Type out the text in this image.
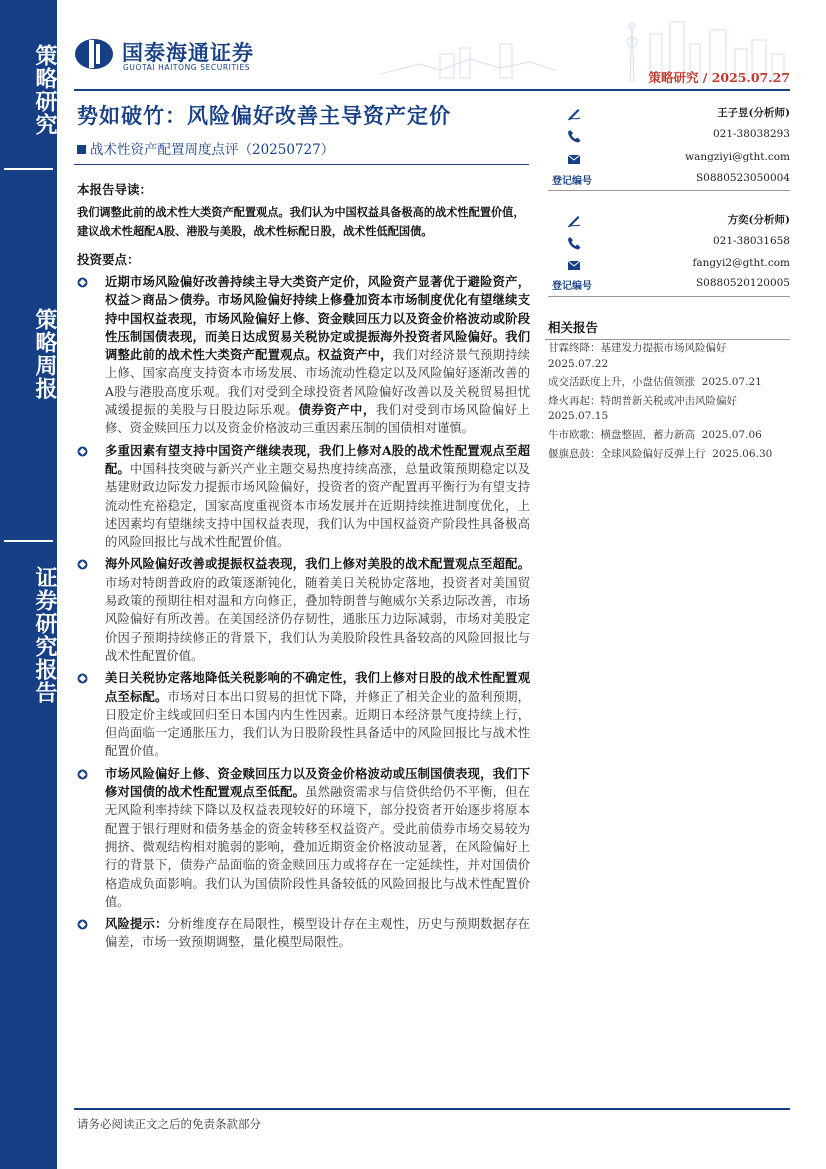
策略研究
策略周报
证券研究报告
国泰海通证券
GUOTAI HAITONG SECURITIES
策略研究 / 2025.07.27
势如破竹：风险偏好改善主导资产定价
战术性资产配置周度点评（20250727）
本报告导读：
我们调整此前的战术性大类资产配置观点。我们认为中国权益具备极高的战术性配置价值，建议战术性超配A股、港股与美股，战术性标配日股，战术性低配国债。
投资要点：
近期市场风险偏好改善持续主导大类资产定价，风险资产显著优于避险资产，权益＞商品＞债券。市场风险偏好持续上修叠加资本市场制度优化有望继续支持中国权益表现，市场风险偏好上修、资金赎回压力以及资金价格波动或阶段性压制国债表现，而美日达成贸易关税协定或提振海外投资者风险偏好。我们调整此前的战术性大类资产配置观点。权益资产中，我们对经济景气预期持续上修、国家高度支持资本市场发展、市场流动性稳定以及风险偏好逐渐改善的A股与港股高度乐观。我们对受到全球投资者风险偏好改善以及关税贸易担忧减缓提振的美股与日股边际乐观。债券资产中，我们对受到市场风险偏好上修、资金赎回压力以及资金价格波动三重因素压制的国债相对谨慎。
多重因素有望支持中国资产继续表现，我们上修对A股的战术性配置观点至超配。中国科技突破与新兴产业主题交易热度持续高涨，总量政策预期稳定以及基建财政边际发力提振市场风险偏好，投资者的资产配置再平衡行为有望支持流动性充裕稳定，国家高度重视资本市场发展并在近期持续推进制度优化，上述因素均有望继续支持中国权益表现，我们认为中国权益资产阶段性具备极高的风险回报比与战术性配置价值。
海外风险偏好改善或提振权益表现，我们上修对美股的战术配置观点至超配。市场对特朗普政府的政策逐渐钝化，随着美日关税协定落地，投资者对美国贸易政策的预期往相对温和方向修正，叠加特朗普与鲍威尔关系边际改善，市场风险偏好有所改善。在美国经济仍存韧性，通胀压力边际减弱，市场对美股定价因子预期持续修正的背景下，我们认为美股阶段性具备较高的风险回报比与战术性配置价值。
美日关税协定落地降低关税影响的不确定性，我们上修对日股的战术性配置观点至标配。市场对日本出口贸易的担忧下降，并修正了相关企业的盈利预期，日股定价主线或回归至日本国内内生性因素。近期日本经济景气度持续上行，但尚面临一定通胀压力，我们认为日股阶段性具备适中的风险回报比与战术性配置价值。
市场风险偏好上修、资金赎回压力以及资金价格波动或压制国债表现，我们下修对国债的战术性配置观点至低配。虽然融资需求与信贷供给仍不平衡，但在无风险利率持续下降以及权益表现较好的环境下，部分投资者开始逐步将原本配置于银行理财和债务基金的资金转移至权益资产。受此前债券市场交易较为拥挤、微观结构相对脆弱的影响，叠加近期资金价格波动显著，在风险偏好上行的背景下，债券产品面临的资金赎回压力或将存在一定延续性，并对国债价格造成负面影响。我们认为国债阶段性具备较低的风险回报比与战术性配置价值。
风险提示：分析维度存在局限性，模型设计存在主观性，历史与预期数据存在偏差，市场一致预期调整，量化模型局限性。
王子昱(分析师)
021-38038293
wangziyi@gtht.com
登记编号	S0880523050004
方奕(分析师)
021-38031658
fangyi2@gtht.com
登记编号	S0880520120005
相关报告
甘霖终降：基建发力提振市场风险偏好
2025.07.22
成交活跃度上升，小盘估值领涨 2025.07.21
烽火再起：特朗普新关税或冲击风险偏好
2025.07.15
牛市欧歌：横盘整固，蓄力新高 2025.07.06
偃旗息鼓：全球风险偏好反弹上行 2025.06.30
请务必阅读正文之后的免责条款部分
